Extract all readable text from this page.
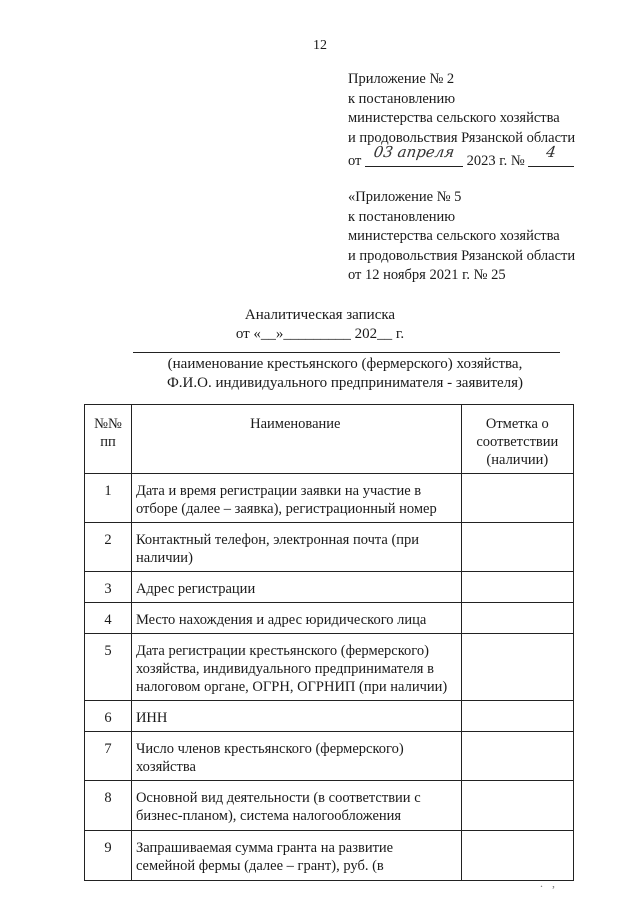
12
Приложение № 2
к постановлению
министерства сельского хозяйства
и продовольствия Рязанской области
от 03 апреля 2023 г. №	4
«Приложение № 5
к постановлению
министерства сельского хозяйства
и продовольствия Рязанской области
от 12 ноября 2021 г. № 25
Аналитическая записка
от «__»_________ 202__ г.
(наименование крестьянского (фермерского) хозяйства,
Ф.И.О. индивидуального предпринимателя - заявителя)
№№ пп	Наименование	Отметка о соответствии (наличии)
1	Дата и время регистрации заявки на участие в отборе (далее – заявка), регистрационный номер	
2	Контактный телефон, электронная почта (при наличии)	
3	Адрес регистрации	
4	Место нахождения и адрес юридического лица	
5	Дата регистрации крестьянского (фермерского) хозяйства, индивидуального предпринимателя в налоговом органе, ОГРН, ОГРНИП (при наличии)	
6	ИНН	
7	Число членов крестьянского (фермерского) хозяйства	
8	Основной вид деятельности (в соответствии с бизнес-планом), система налогообложения	
9	Запрашиваемая сумма гранта на развитие семейной фермы (далее – грант), руб. (в	
. ,
